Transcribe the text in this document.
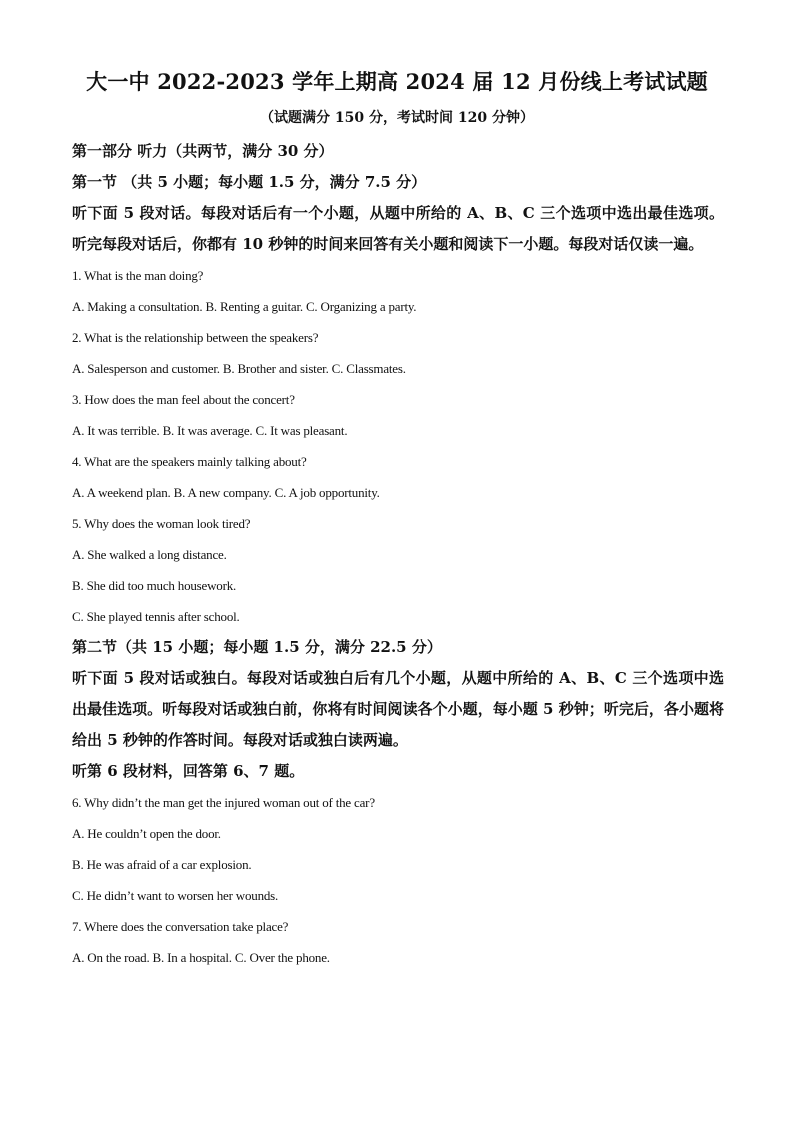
大一中 2022-2023 学年上期高 2024 届 12 月份线上考试试题
（试题满分 150 分，考试时间 120 分钟）

第一部分 听力（共两节，满分 30 分）

第一节 （共 5 小题；每小题 1.5 分，满分 7.5 分）

听下面 5 段对话。每段对话后有一个小题，从题中所给的 A、B、C 三个选项中选出最佳选项。听完每段对话后，你都有 10 秒钟的时间来回答有关小题和阅读下一小题。每段对话仅读一遍。

1. What is the man doing?

A. Making a consultation. B. Renting a guitar. C. Organizing a party.

2. What is the relationship between the speakers?

A. Salesperson and customer. B. Brother and sister. C. Classmates.

3. How does the man feel about the concert?

A. It was terrible. B. It was average. C. It was pleasant.

4. What are the speakers mainly talking about?

A. A weekend plan. B. A new company. C. A job opportunity.

5. Why does the woman look tired?

A. She walked a long distance.

B. She did too much housework.

C. She played tennis after school.

第二节（共 15 小题；每小题 1.5 分，满分 22.5 分）

听下面 5 段对话或独白。每段对话或独白后有几个小题，从题中所给的 A、B、C 三个选项中选出最佳选项。听每段对话或独白前，你将有时间阅读各个小题，每小题 5 秒钟；听完后，各小题将给出 5 秒钟的作答时间。每段对话或独白读两遍。

听第 6 段材料，回答第 6、7 题。

6. Why didn’t the man get the injured woman out of the car?

A. He couldn’t open the door.

B. He was afraid of a car explosion.

C. He didn’t want to worsen her wounds.

7. Where does the conversation take place?

A. On the road. B. In a hospital. C. Over the phone.
